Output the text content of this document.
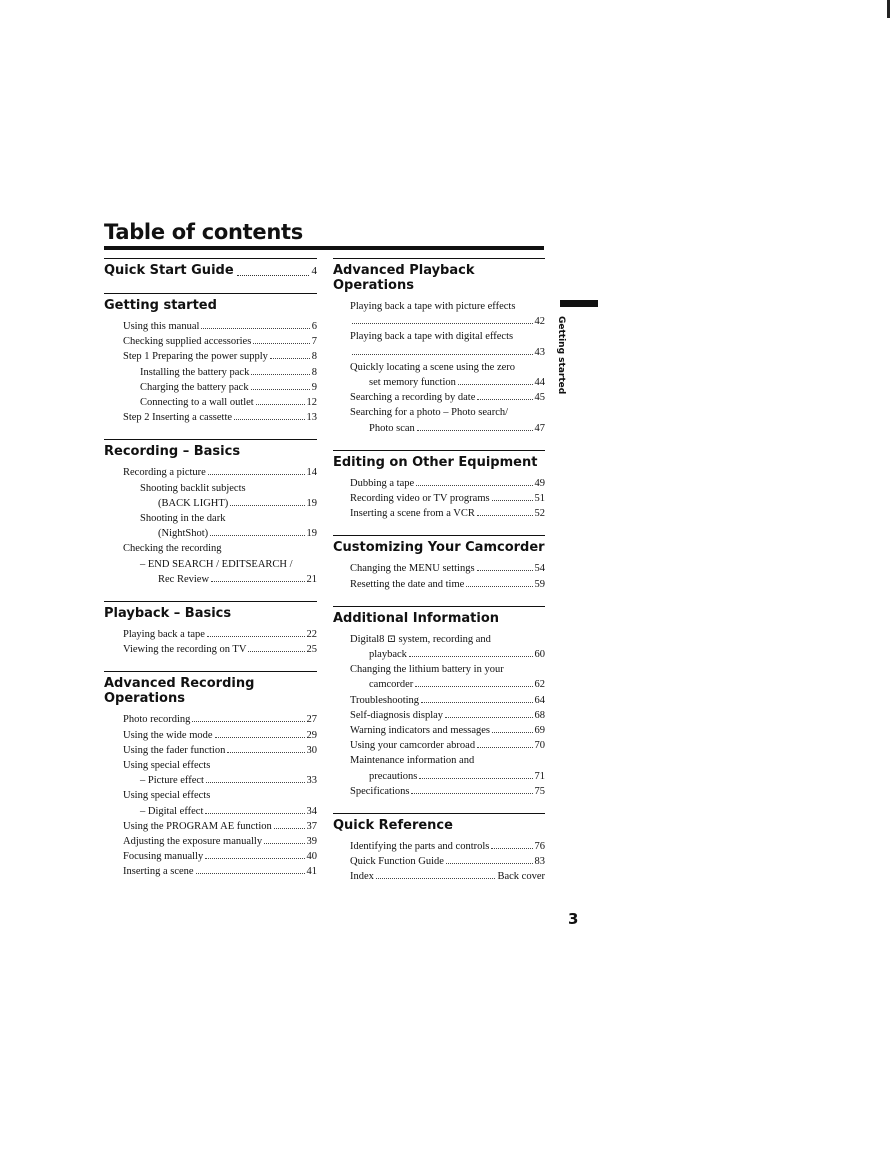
Table of contents
Quick Start Guide	4
Getting started
Using this manual	6
Checking supplied accessories	7
Step 1 Preparing the power supply	8
Installing the battery pack	8
Charging the battery pack	9
Connecting to a wall outlet	12
Step 2 Inserting a cassette	13
Recording – Basics
Recording a picture	14
Shooting backlit subjects
(BACK LIGHT)	19
Shooting in the dark
(NightShot)	19
Checking the recording
– END SEARCH / EDITSEARCH /
Rec Review	21
Playback – Basics
Playing back a tape	22
Viewing the recording on TV	25
Advanced Recording
Operations
Photo recording	27
Using the wide mode	29
Using the fader function	30
Using special effects
– Picture effect	33
Using special effects
– Digital effect	34
Using the PROGRAM AE function	37
Adjusting the exposure manually	39
Focusing manually	40
Inserting a scene	41
Advanced Playback Operations
Playing back a tape with picture effects
42
Playing back a tape with digital effects
43
Quickly locating a scene using the zero
set memory function	44
Searching a recording by date	45
Searching for a photo – Photo search/
Photo scan	47
Editing on Other Equipment
Dubbing a tape	49
Recording video or TV programs	51
Inserting a scene from a VCR	52
Customizing Your Camcorder
Changing the MENU settings	54
Resetting the date and time	59
Additional Information
Digital8 ⊡ system, recording and
playback	60
Changing the lithium battery in your
camcorder	62
Troubleshooting	64
Self-diagnosis display	68
Warning indicators and messages	69
Using your camcorder abroad	70
Maintenance information and
precautions	71
Specifications	75
Quick Reference
Identifying the parts and controls	76
Quick Function Guide	83
Index	Back cover
Getting started
3
